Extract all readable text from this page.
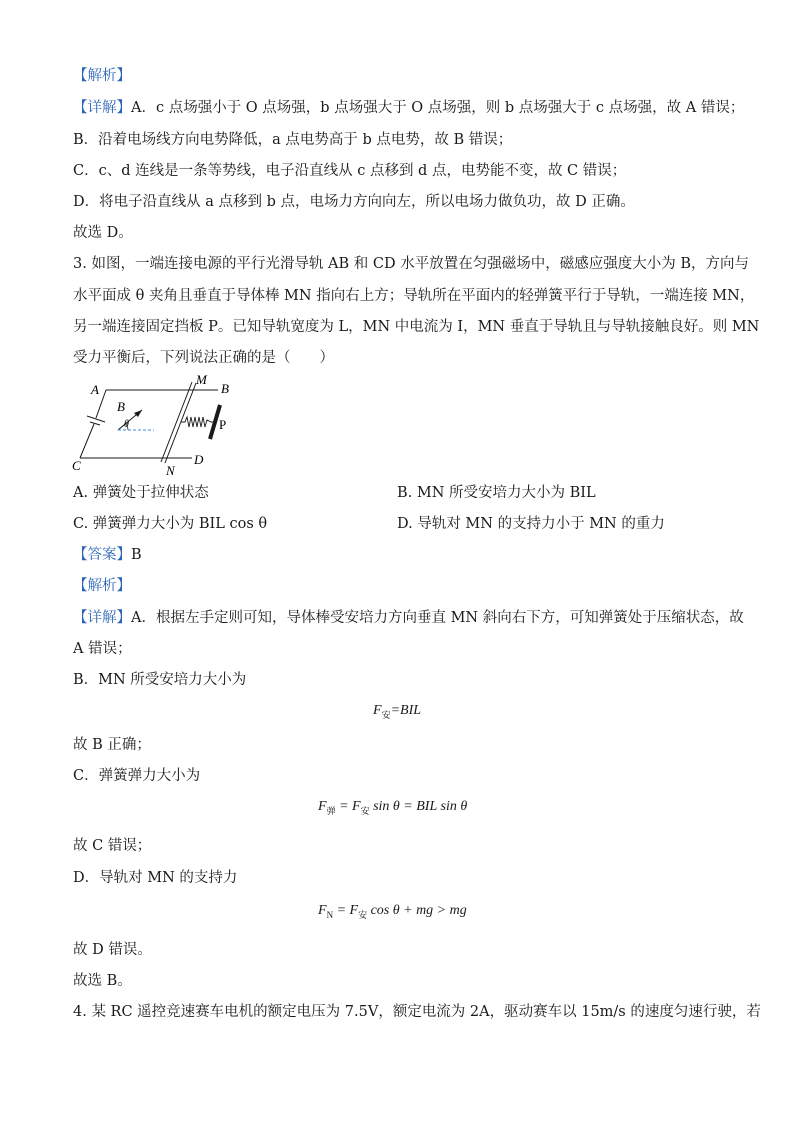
【解析】
【详解】A．c 点场强小于 O 点场强，b 点场强大于 O 点场强，则 b 点场强大于 c 点场强，故 A 错误；
B．沿着电场线方向电势降低，a 点电势高于 b 点电势，故 B 错误；
C．c、d 连线是一条等势线，电子沿直线从 c 点移到 d 点，电势能不变，故 C 错误；
D．将电子沿直线从 a 点移到 b 点，电场力方向向左，所以电场力做负功，故 D 正确。
故选 D。
3. 如图，一端连接电源的平行光滑导轨 AB 和 CD 水平放置在匀强磁场中，磁感应强度大小为 B，方向与
水平面成 θ 夹角且垂直于导体棒 MN 指向右上方；导轨所在平面内的轻弹簧平行于导轨，一端连接 MN，
另一端连接固定挡板 P。已知导轨宽度为 L，MN 中电流为 I，MN 垂直于导轨且与导轨接触良好。则 MN
受力平衡后，下列说法正确的是（　　）
A	B
M
B
θ	P
C	D
N
A. 弹簧处于拉伸状态	B. MN 所受安培力大小为 BIL
C. 弹簧弹力大小为 BIL cos θ	D. 导轨对 MN 的支持力小于 MN 的重力
【答案】B
【解析】
【详解】A．根据左手定则可知，导体棒受安培力方向垂直 MN 斜向右下方，可知弹簧处于压缩状态，故
A 错误；
B．MN 所受安培力大小为
$F_安=BIL$
故 B 正确；
C．弹簧弹力大小为
$F_弹 = F_安$ sin θ = BIL sin θ
故 C 错误；
D．导轨对 MN 的支持力
$F_N = F_安$ cos θ + mg > mg
故 D 错误。
故选 B。
4. 某 RC 遥控竞速赛车电机的额定电压为 7.5V，额定电流为 2A，驱动赛车以 15m/s 的速度匀速行驶，若
